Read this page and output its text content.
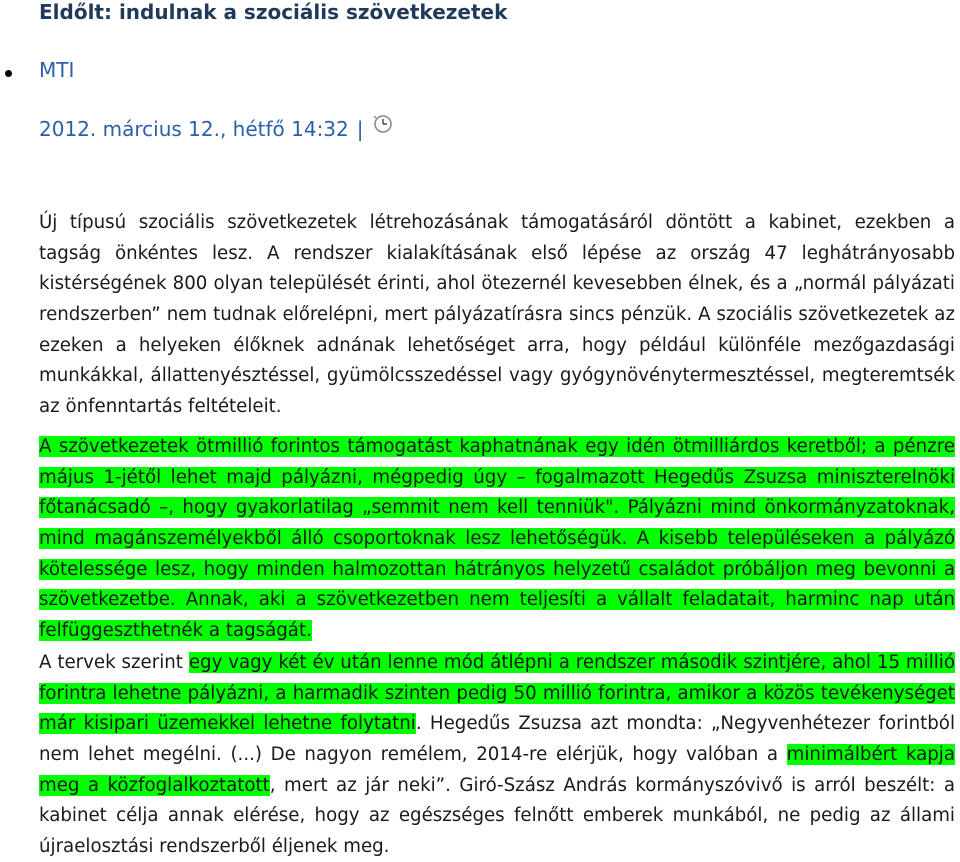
Eldőlt: indulnak a szociális szövetkezetek
MTI
2012. március 12., hétfő 14:32 |

Új típusú szociális szövetkezetek létrehozásának támogatásáról döntött a kabinet, ezekben a tagság önkéntes lesz. A rendszer kialakításának első lépése az ország 47 leghátrányosabb kistérségének 800 olyan települését érinti, ahol ötezernél kevesebben élnek, és a „normál pályázati rendszerben” nem tudnak előrelépni, mert pályázatírásra sincs pénzük. A szociális szövetkezetek az ezeken a helyeken élőknek adnának lehetőséget arra, hogy például különféle mezőgazdasági munkákkal, állattenyésztéssel, gyümölcsszedéssel vagy gyógynövénytermesztéssel, megteremtsék az önfenntartás feltételeit.

A szövetkezetek ötmillió forintos támogatást kaphatnának egy idén ötmilliárdos keretből; a pénzre május 1-jétől lehet majd pályázni, mégpedig úgy – fogalmazott Hegedűs Zsuzsa miniszterelnöki főtanácsadó –, hogy gyakorlatilag „semmit nem kell tenniük". Pályázni mind önkormányzatoknak, mind magánszemélyekből álló csoportoknak lesz lehetőségük. A kisebb településeken a pályázó kötelessége lesz, hogy minden halmozottan hátrányos helyzetű családot próbáljon meg bevonni a szövetkezetbe. Annak, aki a szövetkezetben nem teljesíti a vállalt feladatait, harminc nap után felfüggeszthetnék a tagságát.

A tervek szerint egy vagy két év után lenne mód átlépni a rendszer második szintjére, ahol 15 millió forintra lehetne pályázni, a harmadik szinten pedig 50 millió forintra, amikor a közös tevékenységet már kisipari üzemekkel lehetne folytatni. Hegedűs Zsuzsa azt mondta: „Negyvenhétezer forintból nem lehet megélni. (...) De nagyon remélem, 2014-re elérjük, hogy valóban a minimálbért kapja meg a közfoglalkoztatott, mert az jár neki”. Giró-Szász András kormányszóvivő is arról beszélt: a kabinet célja annak elérése, hogy az egészséges felnőtt emberek munkából, ne pedig az állami újraelosztási rendszerből éljenek meg.
